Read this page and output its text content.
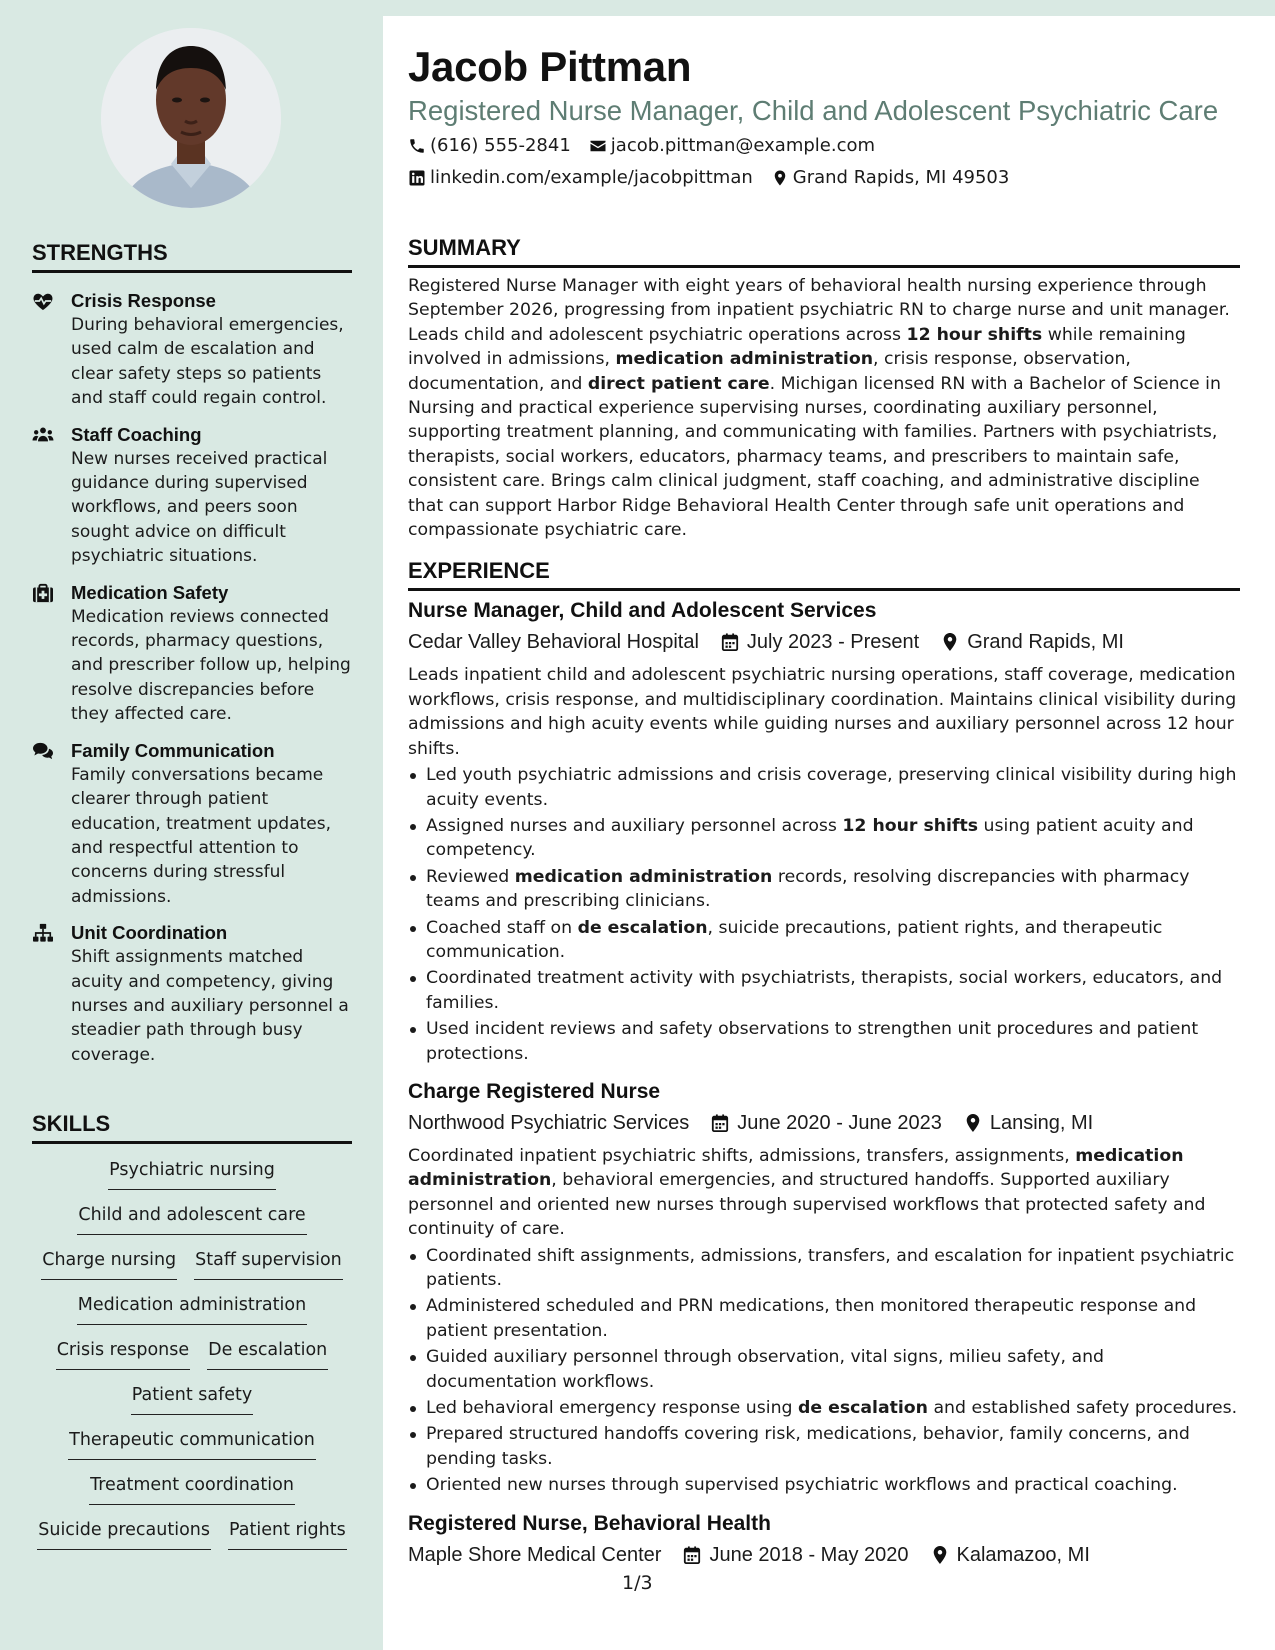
STRENGTHS
Crisis Response
During behavioral emergencies, used calm de escalation and clear safety steps so patients and staff could regain control.
Staff Coaching
New nurses received practical guidance during supervised workflows, and peers soon sought advice on difficult psychiatric situations.
Medication Safety
Medication reviews connected records, pharmacy questions, and prescriber follow up, helping resolve discrepancies before they affected care.
Family Communication
Family conversations became clearer through patient education, treatment updates, and respectful attention to concerns during stressful admissions.
Unit Coordination
Shift assignments matched acuity and competency, giving nurses and auxiliary personnel a steadier path through busy coverage.
SKILLS
Psychiatric nursing
Child and adolescent care
Charge nursing Staff supervision
Medication administration
Crisis response De escalation
Patient safety
Therapeutic communication
Treatment coordination
Suicide precautions Patient rights
Jacob Pittman
Registered Nurse Manager, Child and Adolescent Psychiatric Care
(616) 555-2841 jacob.pittman@example.com
linkedin.com/example/jacobpittman Grand Rapids, MI 49503
SUMMARY
Registered Nurse Manager with eight years of behavioral health nursing experience through September 2026, progressing from inpatient psychiatric RN to charge nurse and unit manager. Leads child and adolescent psychiatric operations across 12 hour shifts while remaining involved in admissions, medication administration, crisis response, observation, documentation, and direct patient care. Michigan licensed RN with a Bachelor of Science in Nursing and practical experience supervising nurses, coordinating auxiliary personnel, supporting treatment planning, and communicating with families. Partners with psychiatrists, therapists, social workers, educators, pharmacy teams, and prescribers to maintain safe, consistent care. Brings calm clinical judgment, staff coaching, and administrative discipline that can support Harbor Ridge Behavioral Health Center through safe unit operations and compassionate psychiatric care.
EXPERIENCE
Nurse Manager, Child and Adolescent Services
Cedar Valley Behavioral Hospital July 2023 - Present Grand Rapids, MI
Leads inpatient child and adolescent psychiatric nursing operations, staff coverage, medication workflows, crisis response, and multidisciplinary coordination. Maintains clinical visibility during admissions and high acuity events while guiding nurses and auxiliary personnel across 12 hour shifts.
Led youth psychiatric admissions and crisis coverage, preserving clinical visibility during high acuity events.
Assigned nurses and auxiliary personnel across 12 hour shifts using patient acuity and competency.
Reviewed medication administration records, resolving discrepancies with pharmacy teams and prescribing clinicians.
Coached staff on de escalation, suicide precautions, patient rights, and therapeutic communication.
Coordinated treatment activity with psychiatrists, therapists, social workers, educators, and families.
Used incident reviews and safety observations to strengthen unit procedures and patient protections.
Charge Registered Nurse
Northwood Psychiatric Services June 2020 - June 2023 Lansing, MI
Coordinated inpatient psychiatric shifts, admissions, transfers, assignments, medication administration, behavioral emergencies, and structured handoffs. Supported auxiliary personnel and oriented new nurses through supervised workflows that protected safety and continuity of care.
Coordinated shift assignments, admissions, transfers, and escalation for inpatient psychiatric patients.
Administered scheduled and PRN medications, then monitored therapeutic response and patient presentation.
Guided auxiliary personnel through observation, vital signs, milieu safety, and documentation workflows.
Led behavioral emergency response using de escalation and established safety procedures.
Prepared structured handoffs covering risk, medications, behavior, family concerns, and pending tasks.
Oriented new nurses through supervised psychiatric workflows and practical coaching.
Registered Nurse, Behavioral Health
Maple Shore Medical Center June 2018 - May 2020 Kalamazoo, MI
1/3
